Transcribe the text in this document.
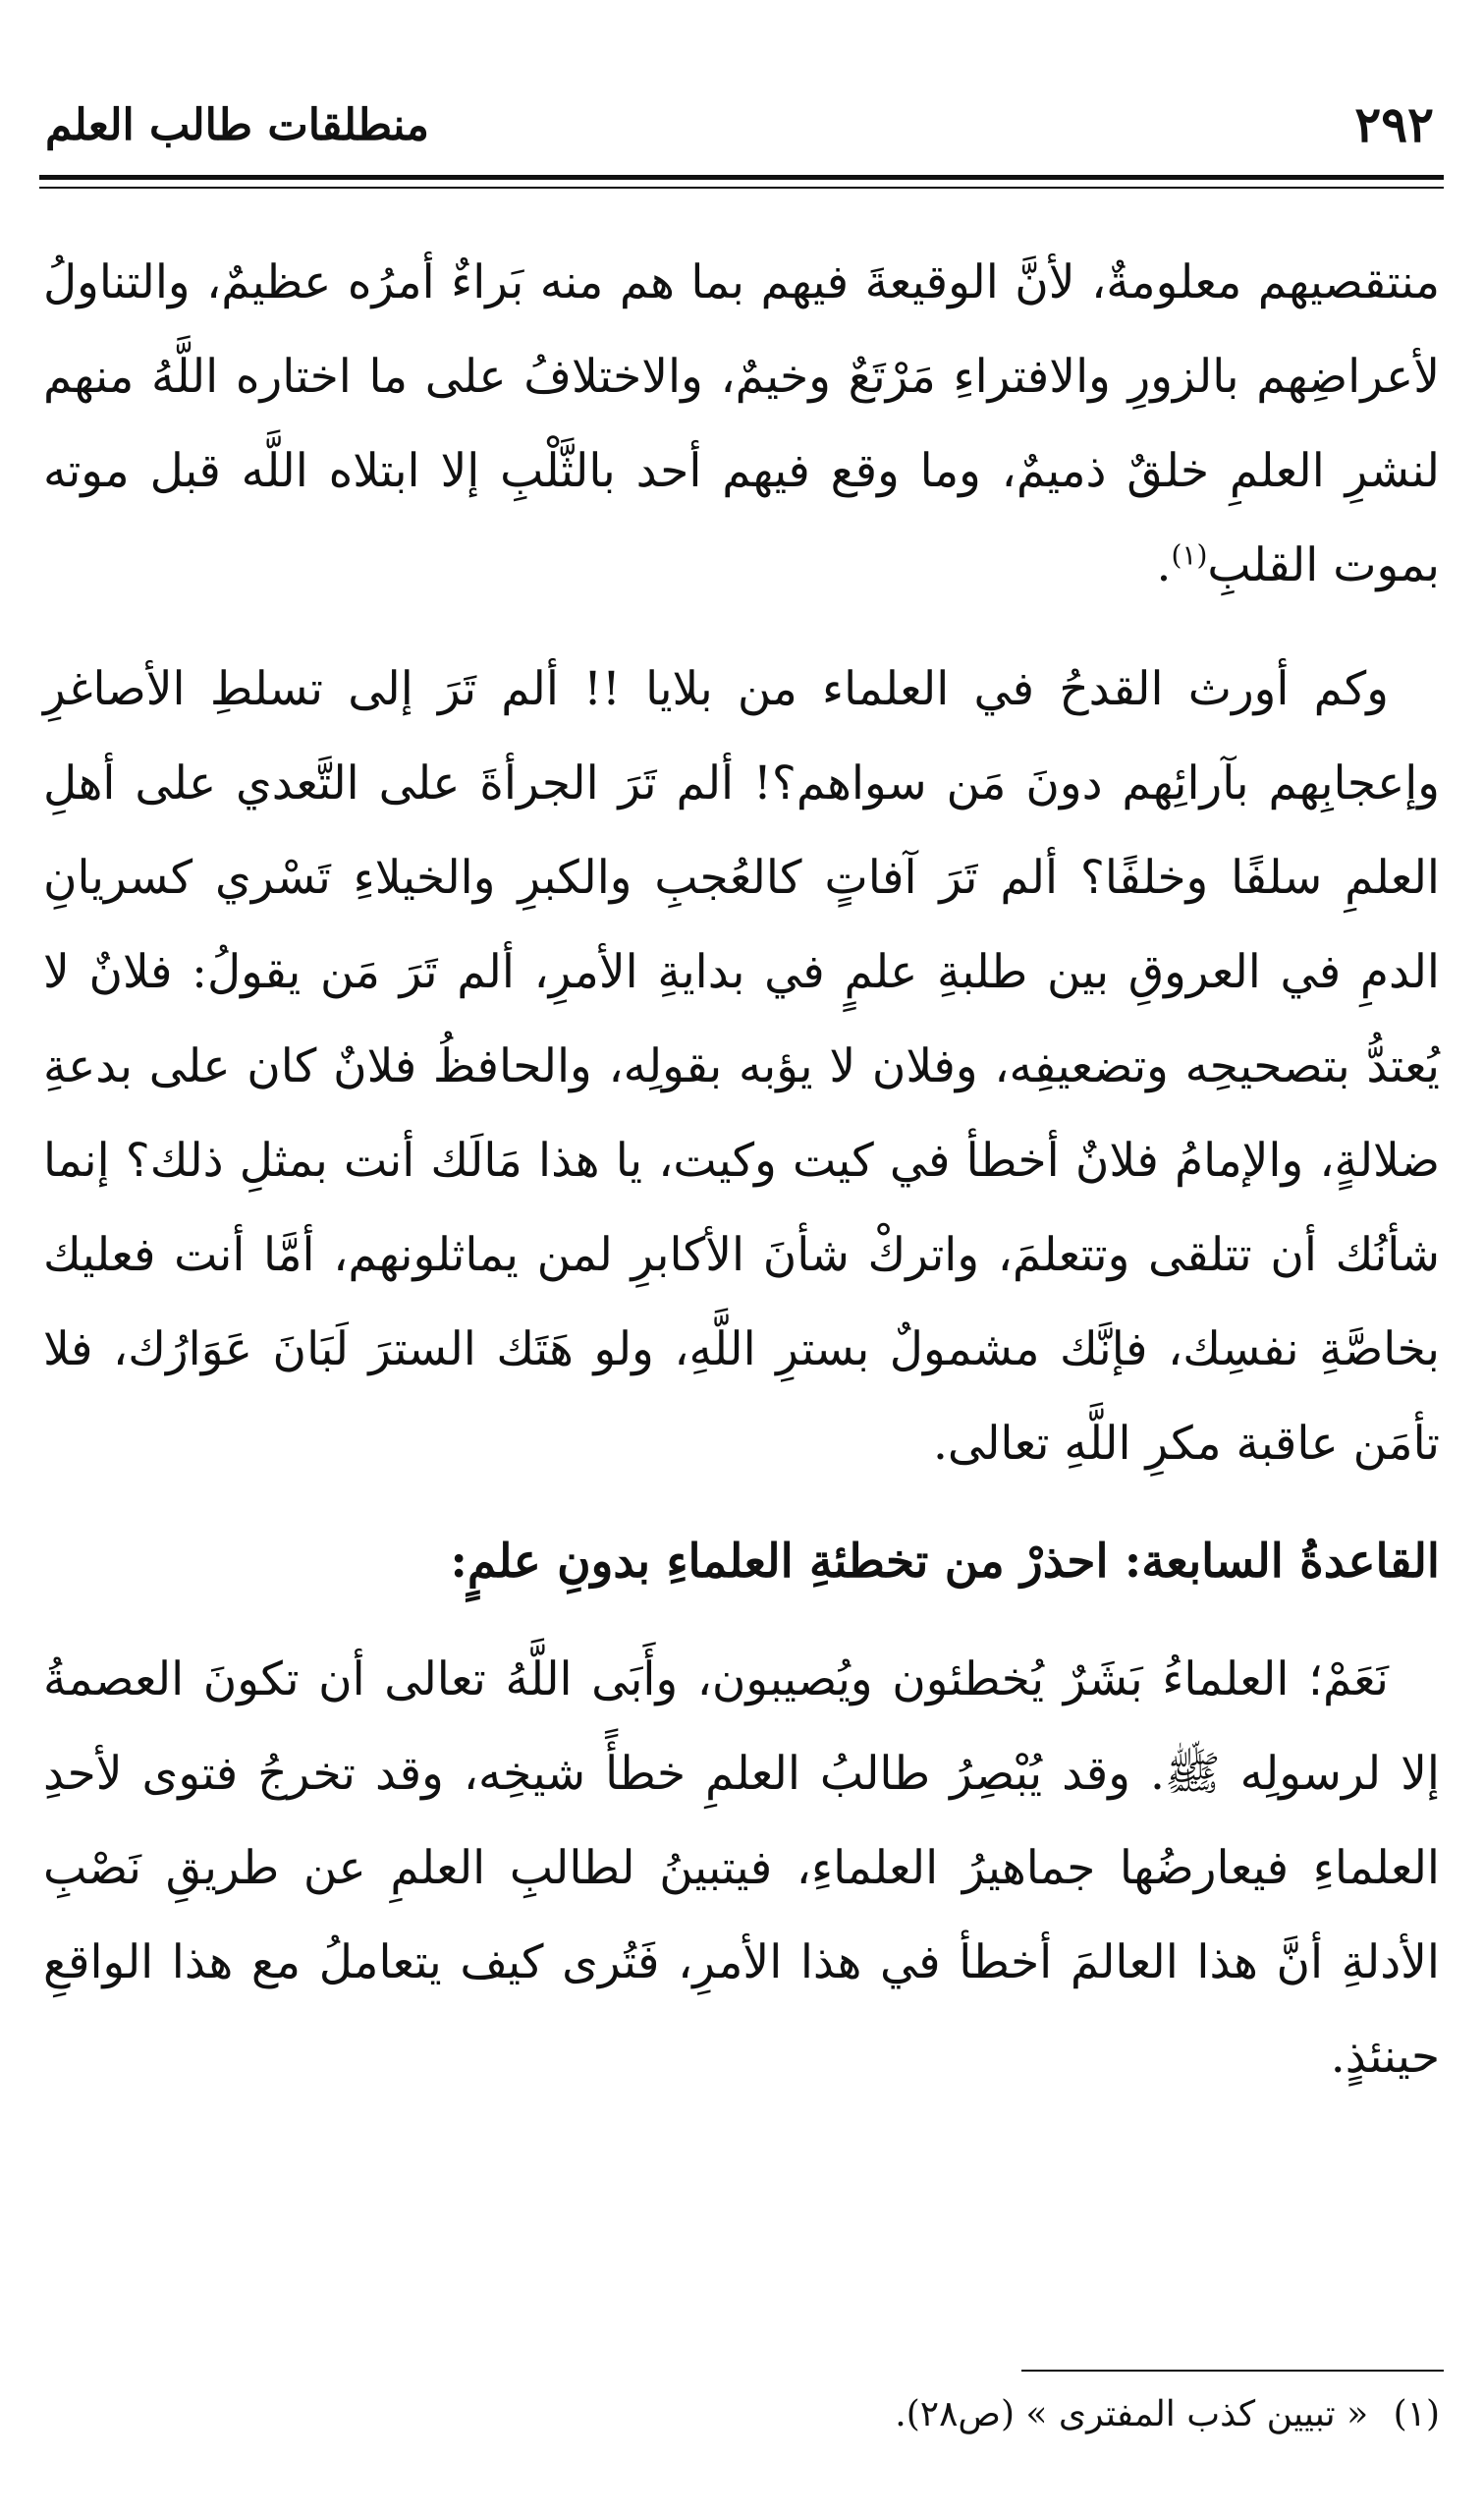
٢٩٢
منطلقات طالب العلم

منتقصيهم معلومةٌ، لأنَّ الوقيعةَ فيهم بما هم منه بَراءٌ أمرُه عظيمٌ، والتناولُ لأعراضِهم بالزورِ والافتراءِ مَرْتَعٌ وخيمٌ، والاختلافُ على ما اختاره اللَّهُ منهم لنشرِ العلمِ خلقٌ ذميمٌ، وما وقع فيهم أحد بالثَّلْبِ إلا ابتلاه اللَّه قبل موته بموت القلبِ$^{(١)}$.

وكم أورث القدحُ في العلماء من بلايا !! ألم تَرَ إلى تسلطِ الأصاغرِ وإعجابِهم بآرائِهم دونَ مَن سواهم؟! ألم تَرَ الجرأةَ على التَّعدي على أهلِ العلمِ سلفًا وخلفًا؟ ألم تَرَ آفاتٍ كالعُجبِ والكبرِ والخيلاءِ تَسْري كسريانِ الدمِ في العروقِ بين طلبةِ علمٍ في بدايةِ الأمرِ، ألم تَرَ مَن يقولُ: فلانٌ لا يُعتدُّ بتصحيحِه وتضعيفِه، وفلان لا يؤبه بقولِه، والحافظُ فلانٌ كان على بدعةِ ضلالةٍ، والإمامُ فلانٌ أخطأ في كيت وكيت، يا هذا مَالَك أنت بمثلِ ذلك؟ إنما شأنُك أن تتلقى وتتعلمَ، واتركْ شأنَ الأكابرِ لمن يماثلونهم، أمَّا أنت فعليك بخاصَّةِ نفسِك، فإنَّك مشمولٌ بسترِ اللَّهِ، ولو هَتَك السترَ لَبَانَ عَوَارُك، فلا تأمَن عاقبة مكرِ اللَّهِ تعالى.

القاعدةُ السابعة: احذرْ من تخطئةِ العلماءِ بدونِ علمٍ:

نَعَمْ؛ العلماءُ بَشَرٌ يُخطئون ويُصيبون، وأَبَى اللَّهُ تعالى أن تكونَ العصمةُ إلا لرسولِه ﷺ. وقد يُبْصِرُ طالبُ العلمِ خطأً شيخِه، وقد تخرجُ فتوى لأحدِ العلماءِ فيعارضُها جماهيرُ العلماءِ، فيتبينُ لطالبِ العلمِ عن طريقِ نَصْبِ الأدلةِ أنَّ هذا العالمَ أخطأ في هذا الأمرِ، فَتُرى كيف يتعاملُ مع هذا الواقعِ حينئذٍ.

(١) « تبيين كذب المفترى » (ص٢٨).
